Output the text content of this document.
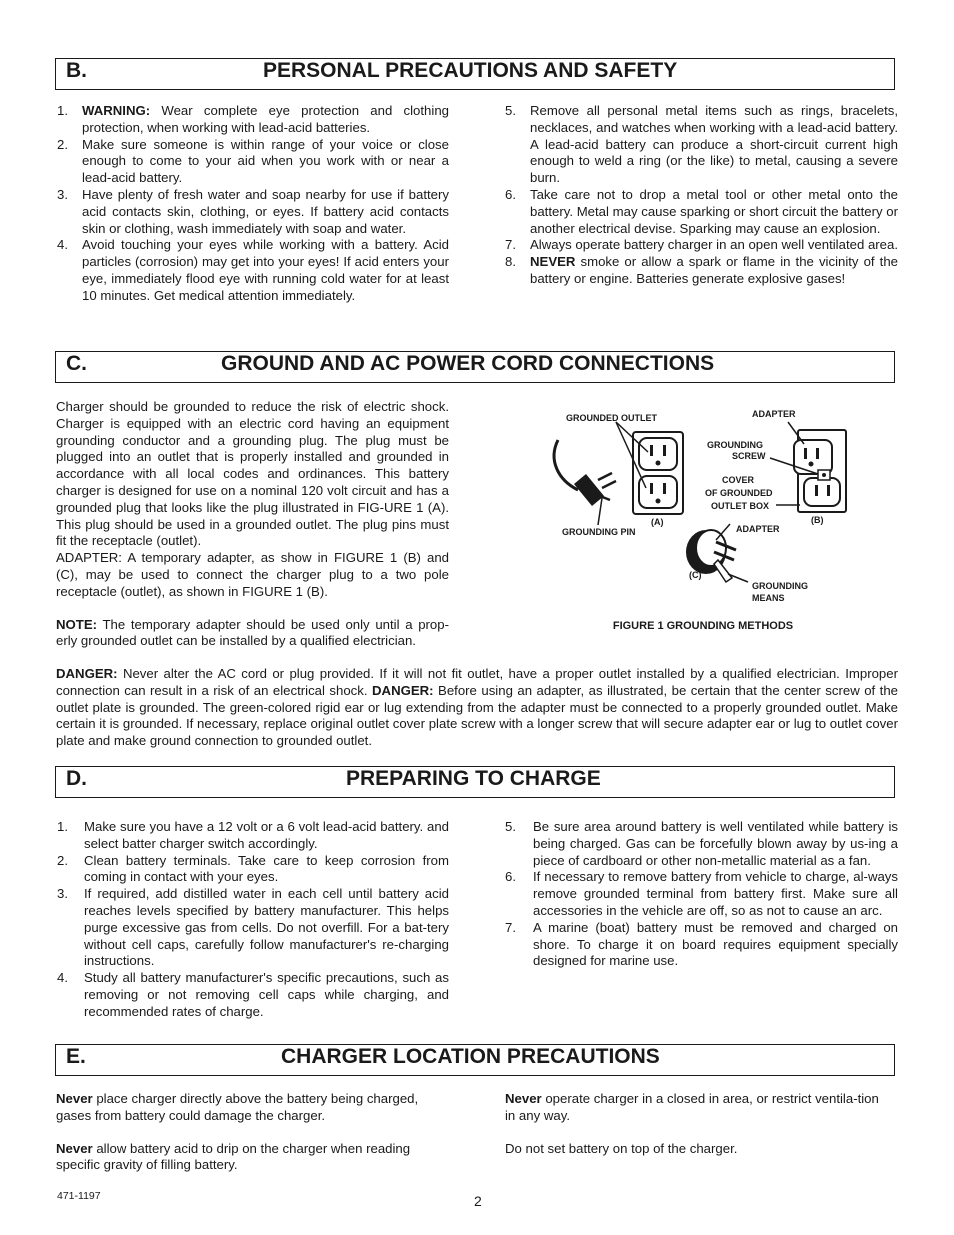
B.	PERSONAL PRECAUTIONS AND SAFETY
1. WARNING: Wear complete eye protection and clothing protection, when working with lead-acid batteries.
2. Make sure someone is within range of your voice or close enough to come to your aid when you work with or near a lead-acid battery.
3. Have plenty of fresh water and soap nearby for use if battery acid contacts skin, clothing, or eyes. If battery acid contacts skin or clothing, wash immediately with soap and water.
4. Avoid touching your eyes while working with a battery. Acid particles (corrosion) may get into your eyes! If acid enters your eye, immediately flood eye with running cold water for at least 10 minutes. Get medical attention immediately.
5. Remove all personal metal items such as rings, bracelets, necklaces, and watches when working with a lead-acid battery. A lead-acid battery can produce a short-circuit current high enough to weld a ring (or the like) to metal, causing a severe burn.
6. Take care not to drop a metal tool or other metal onto the battery. Metal may cause sparking or short circuit the battery or another electrical devise. Sparking may cause an explosion.
7. Always operate battery charger in an open well ventilated area.
8. NEVER smoke or allow a spark or flame in the vicinity of the battery or engine. Batteries generate explosive gases!
C.	GROUND AND AC POWER CORD CONNECTIONS

Charger should be grounded to reduce the risk of electric shock. Charger is equipped with an electric cord having an equipment grounding conductor and a grounding plug. The plug must be plugged into an outlet that is properly installed and grounded in accordance with all local codes and ordinances. This battery charger is designed for use on a nominal 120 volt circuit and has a grounded plug that looks like the plug illustrated in FIG-URE 1 (A). This plug should be used in a grounded outlet. The plug pins must fit the receptacle (outlet).

ADAPTER: A temporary adapter, as show in FIGURE 1 (B) and (C), may be used to connect the charger plug to a two pole receptacle (outlet), as shown in FIGURE 1 (B).

NOTE: The temporary adapter should be used only until a prop-erly grounded outlet can be installed by a qualified electrician.

GROUNDED OUTLET
GROUNDING PIN
(A)
ADAPTER
GROUNDING
SCREW
COVER
OF GROUNDED
OUTLET BOX
(B)
ADAPTER
(C)
GROUNDING
MEANS
FIGURE 1 GROUNDING METHODS

DANGER: Never alter the AC cord or plug provided. If it will not fit outlet, have a proper outlet installed by a qualified electrician. Improper connection can result in a risk of an electrical shock. DANGER: Before using an adapter, as illustrated, be certain that the center screw of the outlet plate is grounded. The green-colored rigid ear or lug extending from the adapter must be connected to a properly grounded outlet. Make certain it is grounded. If necessary, replace original outlet cover plate screw with a longer screw that will secure adapter ear or lug to outlet cover plate and make ground connection to grounded outlet.

D.	PREPARING TO CHARGE
1. Make sure you have a 12 volt or a 6 volt lead-acid battery. and select batter charger switch accordingly.
2. Clean battery terminals. Take care to keep corrosion from coming in contact with your eyes.
3. If required, add distilled water in each cell until battery acid reaches levels specified by battery manufacturer. This helps purge excessive gas from cells. Do not overfill. For a bat-tery without cell caps, carefully follow manufacturer's re-charging instructions.
4. Study all battery manufacturer's specific precautions, such as removing or not removing cell caps while charging, and recommended rates of charge.
5. Be sure area around battery is well ventilated while battery is being charged. Gas can be forcefully blown away by us-ing a piece of cardboard or other non-metallic material as a fan.
6. If necessary to remove battery from vehicle to charge, al-ways remove grounded terminal from battery first. Make sure all accessories in the vehicle are off, so as not to cause an arc.
7. A marine (boat) battery must be removed and charged on shore. To charge it on board requires equipment specially designed for marine use.
E.	CHARGER LOCATION PRECAUTIONS

Never place charger directly above the battery being charged, gases from battery could damage the charger.

Never allow battery acid to drip on the charger when reading specific gravity of filling battery.

Never operate charger in a closed in area, or restrict ventila-tion in any way.

Do not set battery on top of the charger.

471-1197	2
